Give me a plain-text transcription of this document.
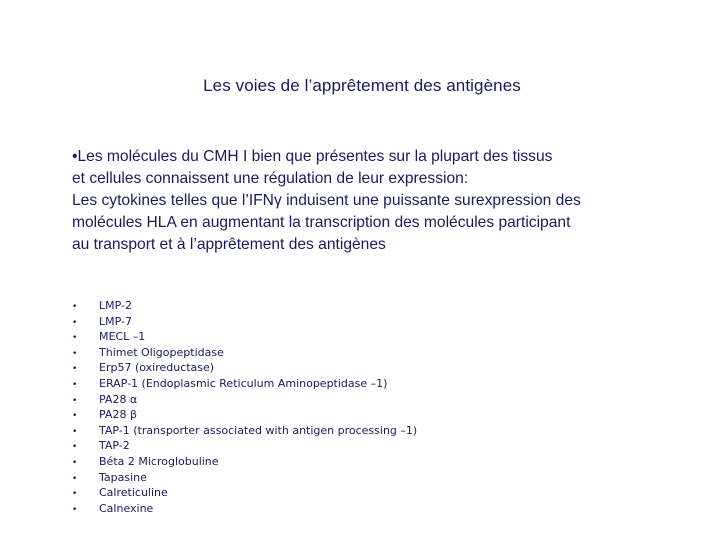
Les voies de l’apprêtement des antigènes
•Les molécules du CMH I bien que présentes sur la plupart des tissus
et cellules connaissent une régulation de leur expression:
Les cytokines telles que l’IFNγ induisent une puissante surexpression des
molécules HLA en augmentant la transcription des molécules participant
au transport et à l’apprêtement des antigènes
•	LMP-2
•	LMP-7
•	MECL –1
•	Thimet Oligopeptidase
•	Erp57 (oxireductase)
•	ERAP-1 (Endoplasmic Reticulum Aminopeptidase –1)
•	PA28 α
•	PA28 β
•	TAP-1 (transporter associated with antigen processing –1)
•	TAP-2
•	Béta 2 Microglobuline
•	Tapasine
•	Calreticuline
•	Calnexine
